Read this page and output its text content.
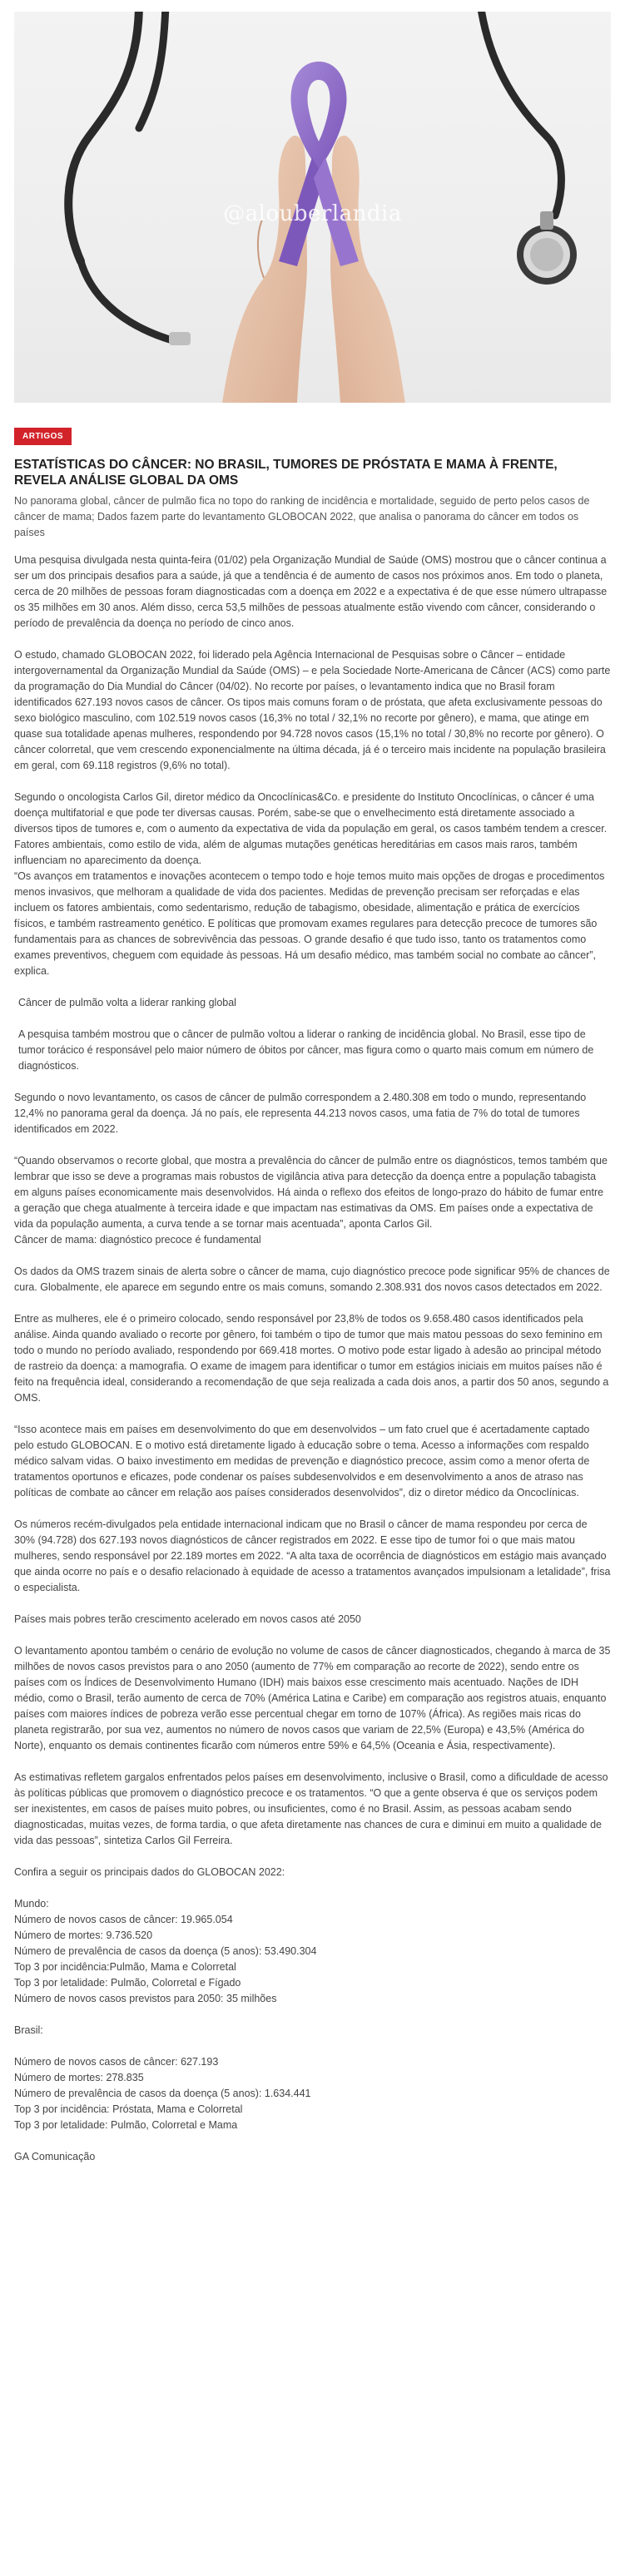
@alouberlandia
ARTIGOS
ESTATÍSTICAS DO CÂNCER: NO BRASIL, TUMORES DE PRÓSTATA E MAMA À FRENTE, REVELA ANÁLISE GLOBAL DA OMS

No panorama global, câncer de pulmão fica no topo do ranking de incidência e mortalidade, seguido de perto pelos casos de câncer de mama; Dados fazem parte do levantamento GLOBOCAN 2022, que analisa o panorama do câncer em todos os países

Uma pesquisa divulgada nesta quinta-feira (01/02) pela Organização Mundial de Saúde (OMS) mostrou que o câncer continua a ser um dos principais desafios para a saúde, já que a tendência é de aumento de casos nos próximos anos. Em todo o planeta, cerca de 20 milhões de pessoas foram diagnosticadas com a doença em 2022 e a expectativa é de que esse número ultrapasse os 35 milhões em 30 anos. Além disso, cerca 53,5 milhões de pessoas atualmente estão vivendo com câncer, considerando o período de prevalência da doença no período de cinco anos.

O estudo, chamado GLOBOCAN 2022, foi liderado pela Agência Internacional de Pesquisas sobre o Câncer – entidade intergovernamental da Organização Mundial da Saúde (OMS) – e pela Sociedade Norte-Americana de Câncer (ACS) como parte da programação do Dia Mundial do Câncer (04/02). No recorte por países, o levantamento indica que no Brasil foram identificados 627.193 novos casos de câncer. Os tipos mais comuns foram o de próstata, que afeta exclusivamente pessoas do sexo biológico masculino, com 102.519 novos casos (16,3% no total / 32,1% no recorte por gênero), e mama, que atinge em quase sua totalidade apenas mulheres, respondendo por 94.728 novos casos (15,1% no total / 30,8% no recorte por gênero). O câncer colorretal, que vem crescendo exponencialmente na última década, já é o terceiro mais incidente na população brasileira em geral, com 69.118 registros (9,6% no total).

Segundo o oncologista Carlos Gil, diretor médico da Oncoclínicas&Co. e presidente do Instituto Oncoclínicas, o câncer é uma doença multifatorial e que pode ter diversas causas. Porém, sabe-se que o envelhecimento está diretamente associado a diversos tipos de tumores e, com o aumento da expectativa de vida da população em geral, os casos também tendem a crescer. Fatores ambientais, como estilo de vida, além de algumas mutações genéticas hereditárias em casos mais raros, também influenciam no aparecimento da doença.

“Os avanços em tratamentos e inovações acontecem o tempo todo e hoje temos muito mais opções de drogas e procedimentos menos invasivos, que melhoram a qualidade de vida dos pacientes. Medidas de prevenção precisam ser reforçadas e elas incluem os fatores ambientais, como sedentarismo, redução de tabagismo, obesidade, alimentação e prática de exercícios físicos, e também rastreamento genético. E políticas que promovam exames regulares para detecção precoce de tumores são fundamentais para as chances de sobrevivência das pessoas. O grande desafio é que tudo isso, tanto os tratamentos como exames preventivos, cheguem com equidade às pessoas. Há um desafio médico, mas também social no combate ao câncer”, explica.

Câncer de pulmão volta a liderar ranking global

A pesquisa também mostrou que o câncer de pulmão voltou a liderar o ranking de incidência global. No Brasil, esse tipo de tumor torácico é responsável pelo maior número de óbitos por câncer, mas figura como o quarto mais comum em número de diagnósticos.

Segundo o novo levantamento, os casos de câncer de pulmão correspondem a 2.480.308 em todo o mundo, representando 12,4% no panorama geral da doença. Já no país, ele representa 44.213 novos casos, uma fatia de 7% do total de tumores identificados em 2022.

“Quando observamos o recorte global, que mostra a prevalência do câncer de pulmão entre os diagnósticos, temos também que lembrar que isso se deve a programas mais robustos de vigilância ativa para detecção da doença entre a população tabagista em alguns países economicamente mais desenvolvidos. Há ainda o reflexo dos efeitos de longo-prazo do hábito de fumar entre a geração que chega atualmente à terceira idade e que impactam nas estimativas da OMS. Em países onde a expectativa de vida da população aumenta, a curva tende a se tornar mais acentuada”, aponta Carlos Gil.

Câncer de mama: diagnóstico precoce é fundamental

Os dados da OMS trazem sinais de alerta sobre o câncer de mama, cujo diagnóstico precoce pode significar 95% de chances de cura. Globalmente, ele aparece em segundo entre os mais comuns, somando 2.308.931 dos novos casos detectados em 2022.

Entre as mulheres, ele é o primeiro colocado, sendo responsável por 23,8% de todos os 9.658.480 casos identificados pela análise. Ainda quando avaliado o recorte por gênero, foi também o tipo de tumor que mais matou pessoas do sexo feminino em todo o mundo no período avaliado, respondendo por 669.418 mortes. O motivo pode estar ligado à adesão ao principal método de rastreio da doença: a mamografia. O exame de imagem para identificar o tumor em estágios iniciais em muitos países não é feito na frequência ideal, considerando a recomendação de que seja realizada a cada dois anos, a partir dos 50 anos, segundo a OMS.

“Isso acontece mais em países em desenvolvimento do que em desenvolvidos – um fato cruel que é acertadamente captado pelo estudo GLOBOCAN. E o motivo está diretamente ligado à educação sobre o tema. Acesso a informações com respaldo médico salvam vidas. O baixo investimento em medidas de prevenção e diagnóstico precoce, assim como a menor oferta de tratamentos oportunos e eficazes, pode condenar os países subdesenvolvidos e em desenvolvimento a anos de atraso nas políticas de combate ao câncer em relação aos países considerados desenvolvidos”, diz o diretor médico da Oncoclínicas.

Os números recém-divulgados pela entidade internacional indicam que no Brasil o câncer de mama respondeu por cerca de 30% (94.728) dos 627.193 novos diagnósticos de câncer registrados em 2022. E esse tipo de tumor foi o que mais matou mulheres, sendo responsável por 22.189 mortes em 2022. “A alta taxa de ocorrência de diagnósticos em estágio mais avançado que ainda ocorre no país e o desafio relacionado à equidade de acesso a tratamentos avançados impulsionam a letalidade”, frisa o especialista.

Países mais pobres terão crescimento acelerado em novos casos até 2050

O levantamento apontou também o cenário de evolução no volume de casos de câncer diagnosticados, chegando à marca de 35 milhões de novos casos previstos para o ano 2050 (aumento de 77% em comparação ao recorte de 2022), sendo entre os países com os Índices de Desenvolvimento Humano (IDH) mais baixos esse crescimento mais acentuado. Nações de IDH médio, como o Brasil, terão aumento de cerca de 70% (América Latina e Caribe) em comparação aos registros atuais, enquanto países com maiores índices de pobreza verão esse percentual chegar em torno de 107% (África). As regiões mais ricas do planeta registrarão, por sua vez, aumentos no número de novos casos que variam de 22,5% (Europa) e 43,5% (América do Norte), enquanto os demais continentes ficarão com números entre 59% e 64,5% (Oceania e Ásia, respectivamente).

As estimativas refletem gargalos enfrentados pelos países em desenvolvimento, inclusive o Brasil, como a dificuldade de acesso às políticas públicas que promovem o diagnóstico precoce e os tratamentos. “O que a gente observa é que os serviços podem ser inexistentes, em casos de países muito pobres, ou insuficientes, como é no Brasil. Assim, as pessoas acabam sendo diagnosticadas, muitas vezes, de forma tardia, o que afeta diretamente nas chances de cura e diminui em muito a qualidade de vida das pessoas”, sintetiza Carlos Gil Ferreira.

Confira a seguir os principais dados do GLOBOCAN 2022:

Mundo:

Número de novos casos de câncer: 19.965.054

Número de mortes: 9.736.520

Número de prevalência de casos da doença (5 anos): 53.490.304

Top 3 por incidência:Pulmão, Mama e Colorretal

Top 3 por letalidade: Pulmão, Colorretal e Fígado

Número de novos casos previstos para 2050: 35 milhões

Brasil:

Número de novos casos de câncer: 627.193

Número de mortes: 278.835

Número de prevalência de casos da doença (5 anos): 1.634.441

Top 3 por incidência: Próstata, Mama e Colorretal

Top 3 por letalidade: Pulmão, Colorretal e Mama

GA Comunicação
